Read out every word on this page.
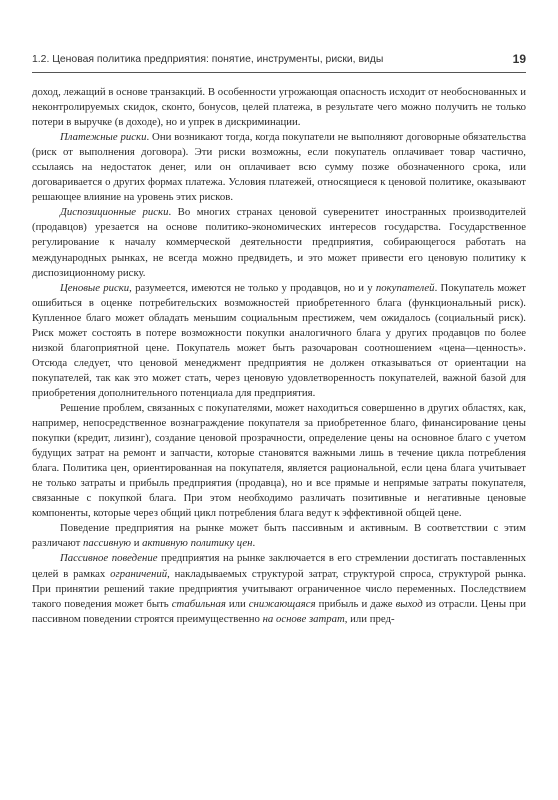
1.2. Ценовая политика предприятия: понятие, инструменты, риски, виды	19

доход, лежащий в основе транзакций. В особенности угрожающая опасность исходит от необоснованных и неконтролируемых скидок, сконто, бонусов, целей платежа, в результате чего можно получить не только потери в выручке (в доходе), но и упрек в дискриминации.

Платежные риски. Они возникают тогда, когда покупатели не выполняют договорные обязательства (риск от выполнения договора). Эти риски возможны, если покупатель оплачивает товар частично, ссылаясь на недостаток денег, или он оплачивает всю сумму позже обозначенного срока, или договаривается о других формах платежа. Условия платежей, относящиеся к ценовой политике, оказывают решающее влияние на уровень этих рисков.

Диспозиционные риски. Во многих странах ценовой суверенитет иностранных производителей (продавцов) урезается на основе политико-экономических интересов государства. Государственное регулирование к началу коммерческой деятельности предприятия, собирающегося работать на международных рынках, не всегда можно предвидеть, и это может привести его ценовую политику к диспозиционному риску.

Ценовые риски, разумеется, имеются не только у продавцов, но и у покупателей. Покупатель может ошибиться в оценке потребительских возможностей приобретенного блага (функциональный риск). Купленное благо может обладать меньшим социальным престижем, чем ожидалось (социальный риск). Риск может состоять в потере возможности покупки аналогичного блага у других продавцов по более низкой благоприятной цене. Покупатель может быть разочарован соотношением «цена—ценность». Отсюда следует, что ценовой менеджмент предприятия не должен отказываться от ориентации на покупателей, так как это может стать, через ценовую удовлетворенность покупателей, важной базой для приобретения дополнительного потенциала для предприятия.

Решение проблем, связанных с покупателями, может находиться совершенно в других областях, как, например, непосредственное вознаграждение покупателя за приобретенное благо, финансирование цены покупки (кредит, лизинг), создание ценовой прозрачности, определение цены на основное благо с учетом будущих затрат на ремонт и запчасти, которые становятся важными лишь в течение цикла потребления блага. Политика цен, ориентированная на покупателя, является рациональной, если цена блага учитывает не только затраты и прибыль предприятия (продавца), но и все прямые и непрямые затраты покупателя, связанные с покупкой блага. При этом необходимо различать позитивные и негативные ценовые компоненты, которые через общий цикл потребления блага ведут к эффективной общей цене.

Поведение предприятия на рынке может быть пассивным и активным. В соответствии с этим различают пассивную и активную политику цен.

Пассивное поведение предприятия на рынке заключается в его стремлении достигать поставленных целей в рамках ограничений, накладываемых структурой затрат, структурой спроса, структурой рынка. При принятии решений такие предприятия учитывают ограниченное число переменных. Последствием такого поведения может быть стабильная или снижающаяся прибыль и даже выход из отрасли. Цены при пассивном поведении строятся преимущественно на основе затрат, или пред-
